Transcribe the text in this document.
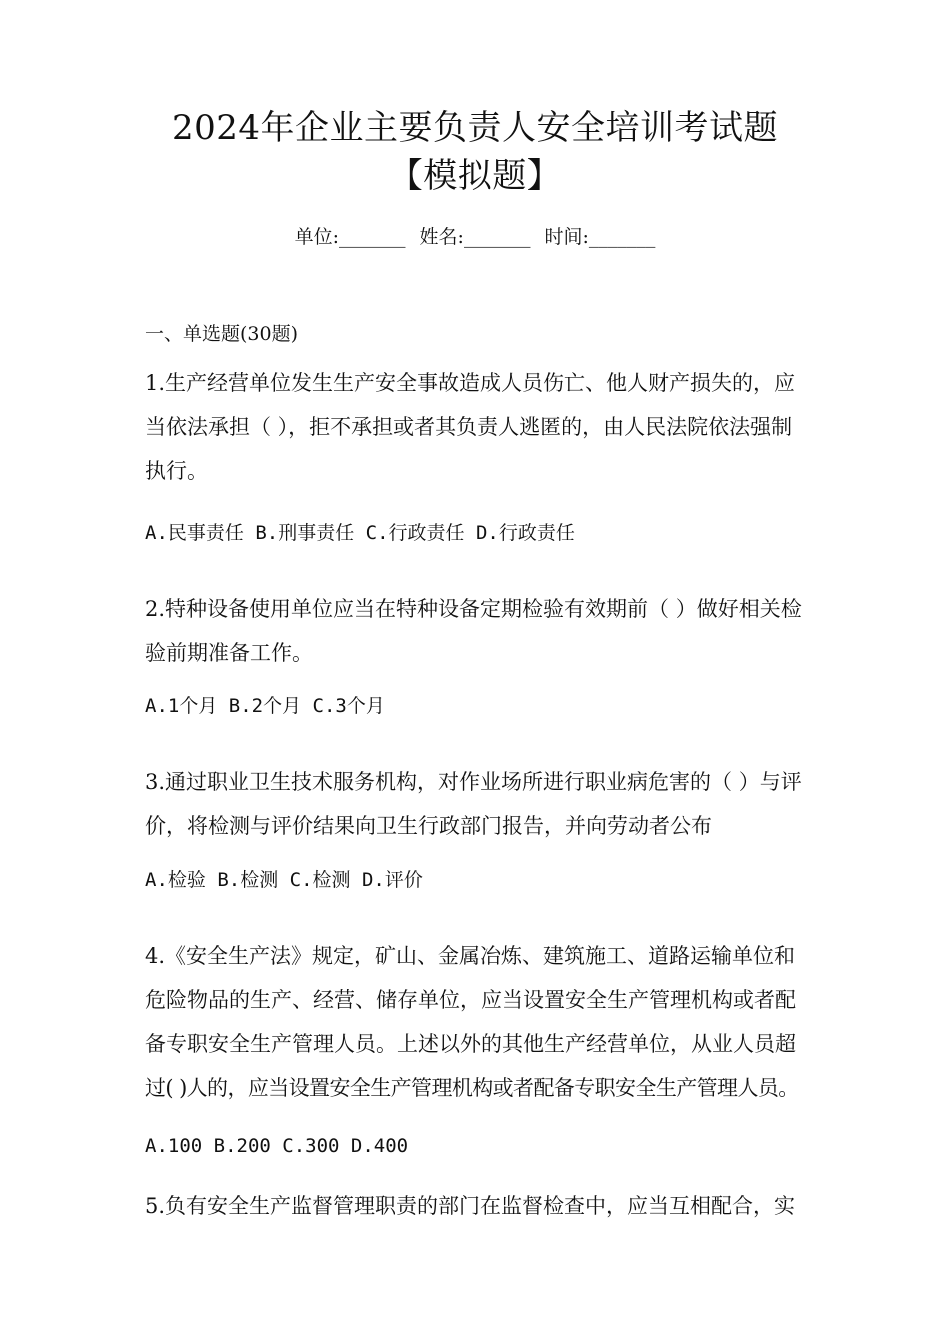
2024年企业主要负责人安全培训考试题
【模拟题】
单位:_______ 姓名:_______ 时间:_______
一、单选题(30题)
1.生产经营单位发生生产安全事故造成人员伤亡、他人财产损失的，应
当依法承担（ ），拒不承担或者其负责人逃匿的，由人民法院依法强制
执行。
A.民事责任 B.刑事责任 C.行政责任 D.行政责任
2.特种设备使用单位应当在特种设备定期检验有效期前（ ）做好相关检
验前期准备工作。
A.1个月 B.2个月 C.3个月
3.通过职业卫生技术服务机构，对作业场所进行职业病危害的（ ）与评
价，将检测与评价结果向卫生行政部门报告，并向劳动者公布
A.检验 B.检测 C.检测 D.评价
4.《安全生产法》规定，矿山、金属冶炼、建筑施工、道路运输单位和
危险物品的生产、经营、储存单位，应当设置安全生产管理机构或者配
备专职安全生产管理人员。上述以外的其他生产经营单位，从业人员超
过( )人的，应当设置安全生产管理机构或者配备专职安全生产管理人员。
A.100 B.200 C.300 D.400
5.负有安全生产监督管理职责的部门在监督检查中，应当互相配合，实
